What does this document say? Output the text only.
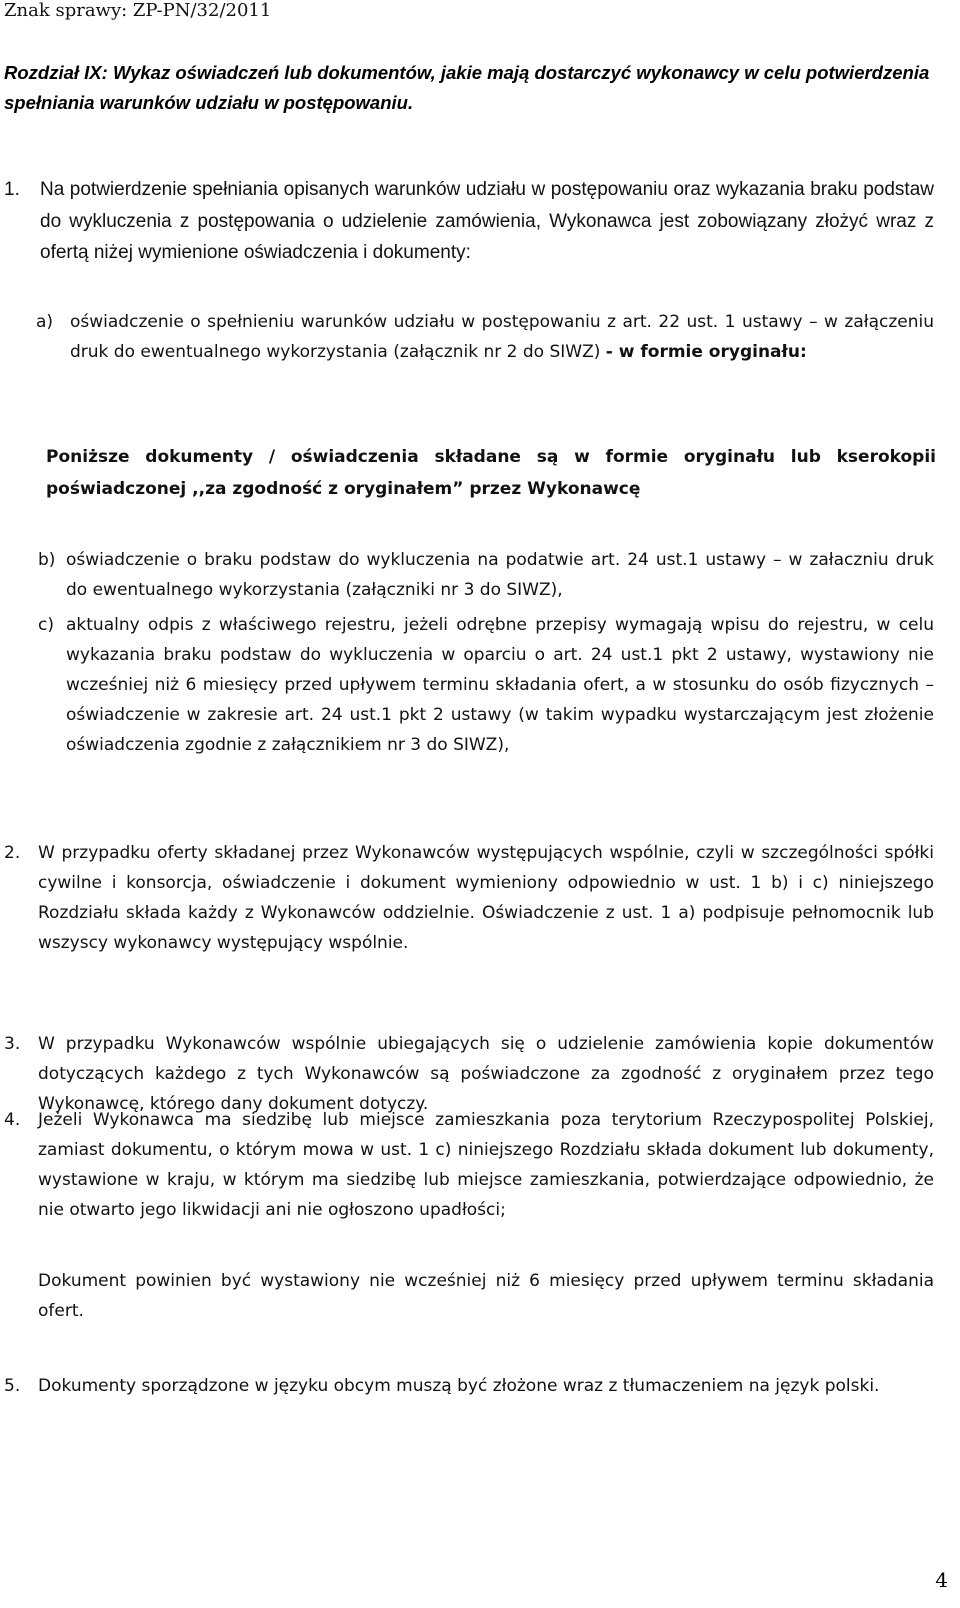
Znak sprawy: ZP-PN/32/2011
Rozdział IX: Wykaz oświadczeń lub dokumentów, jakie mają dostarczyć wykonawcy w celu potwierdzenia spełniania warunków udziału w postępowaniu.
1.	Na potwierdzenie spełniania opisanych warunków udziału w postępowaniu oraz wykazania braku podstaw do wykluczenia z postępowania o udzielenie zamówienia, Wykonawca jest zobowiązany złożyć wraz z ofertą niżej wymienione oświadczenia i dokumenty:
a) oświadczenie o spełnieniu warunków udziału w postępowaniu z art. 22 ust. 1 ustawy – w załączeniu druk do ewentualnego wykorzystania (załącznik nr 2 do SIWZ) - w formie oryginału:
Poniższe dokumenty / oświadczenia składane są w formie oryginału lub kserokopii poświadczonej ,,za zgodność z oryginałem” przez Wykonawcę
b) oświadczenie o braku podstaw do wykluczenia na podatwie art. 24 ust.1 ustawy – w załaczniu druk do ewentualnego wykorzystania (załączniki nr 3 do SIWZ),
c) aktualny odpis z właściwego rejestru, jeżeli odrębne przepisy wymagają wpisu do rejestru, w celu wykazania braku podstaw do wykluczenia w oparciu o art. 24 ust.1 pkt 2 ustawy, wystawiony nie wcześniej niż 6 miesięcy przed upływem terminu składania ofert, a w stosunku do osób fizycznych – oświadczenie w zakresie art. 24 ust.1 pkt 2 ustawy (w takim wypadku wystarczającym jest złożenie oświadczenia zgodnie z załącznikiem nr 3 do SIWZ),
2.	W przypadku oferty składanej przez Wykonawców występujących wspólnie, czyli w szczególności spółki cywilne i konsorcja, oświadczenie i dokument wymieniony odpowiednio w ust. 1 b) i c) niniejszego Rozdziału składa każdy z Wykonawców oddzielnie. Oświadczenie z ust. 1 a) podpisuje pełnomocnik lub wszyscy wykonawcy występujący wspólnie.
3.	W przypadku Wykonawców wspólnie ubiegających się o udzielenie zamówienia kopie dokumentów dotyczących każdego z tych Wykonawców są poświadczone za zgodność z oryginałem przez tego Wykonawcę, którego dany dokument dotyczy.
4.	Jeżeli Wykonawca ma siedzibę lub miejsce zamieszkania poza terytorium Rzeczypospolitej Polskiej, zamiast dokumentu, o którym mowa w ust. 1 c) niniejszego Rozdziału składa dokument lub dokumenty, wystawione w kraju, w którym ma siedzibę lub miejsce zamieszkania, potwierdzające odpowiednio, że nie otwarto jego likwidacji ani nie ogłoszono upadłości;
Dokument powinien być wystawiony nie wcześniej niż 6 miesięcy przed upływem terminu składania ofert.
5.	Dokumenty sporządzone w języku obcym muszą być złożone wraz z tłumaczeniem na język polski.
4
